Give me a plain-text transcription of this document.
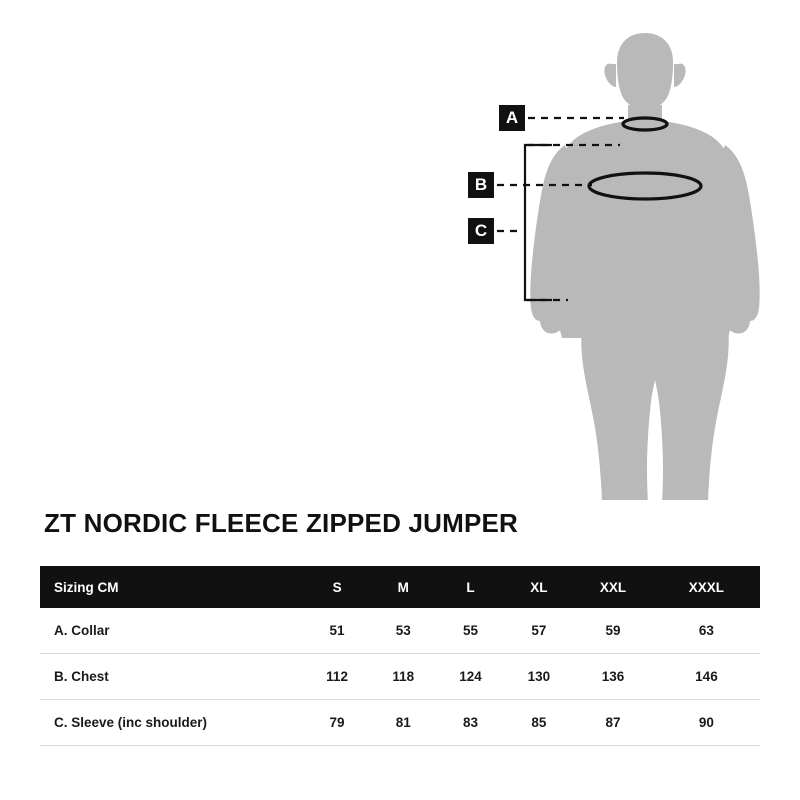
A
B
C
ZT NORDIC FLEECE ZIPPED JUMPER
Sizing CM	S	M	L	XL	XXL	XXXL
A. Collar	51	53	55	57	59	63
B. Chest	112	118	124	130	136	146
C. Sleeve (inc shoulder)	79	81	83	85	87	90
